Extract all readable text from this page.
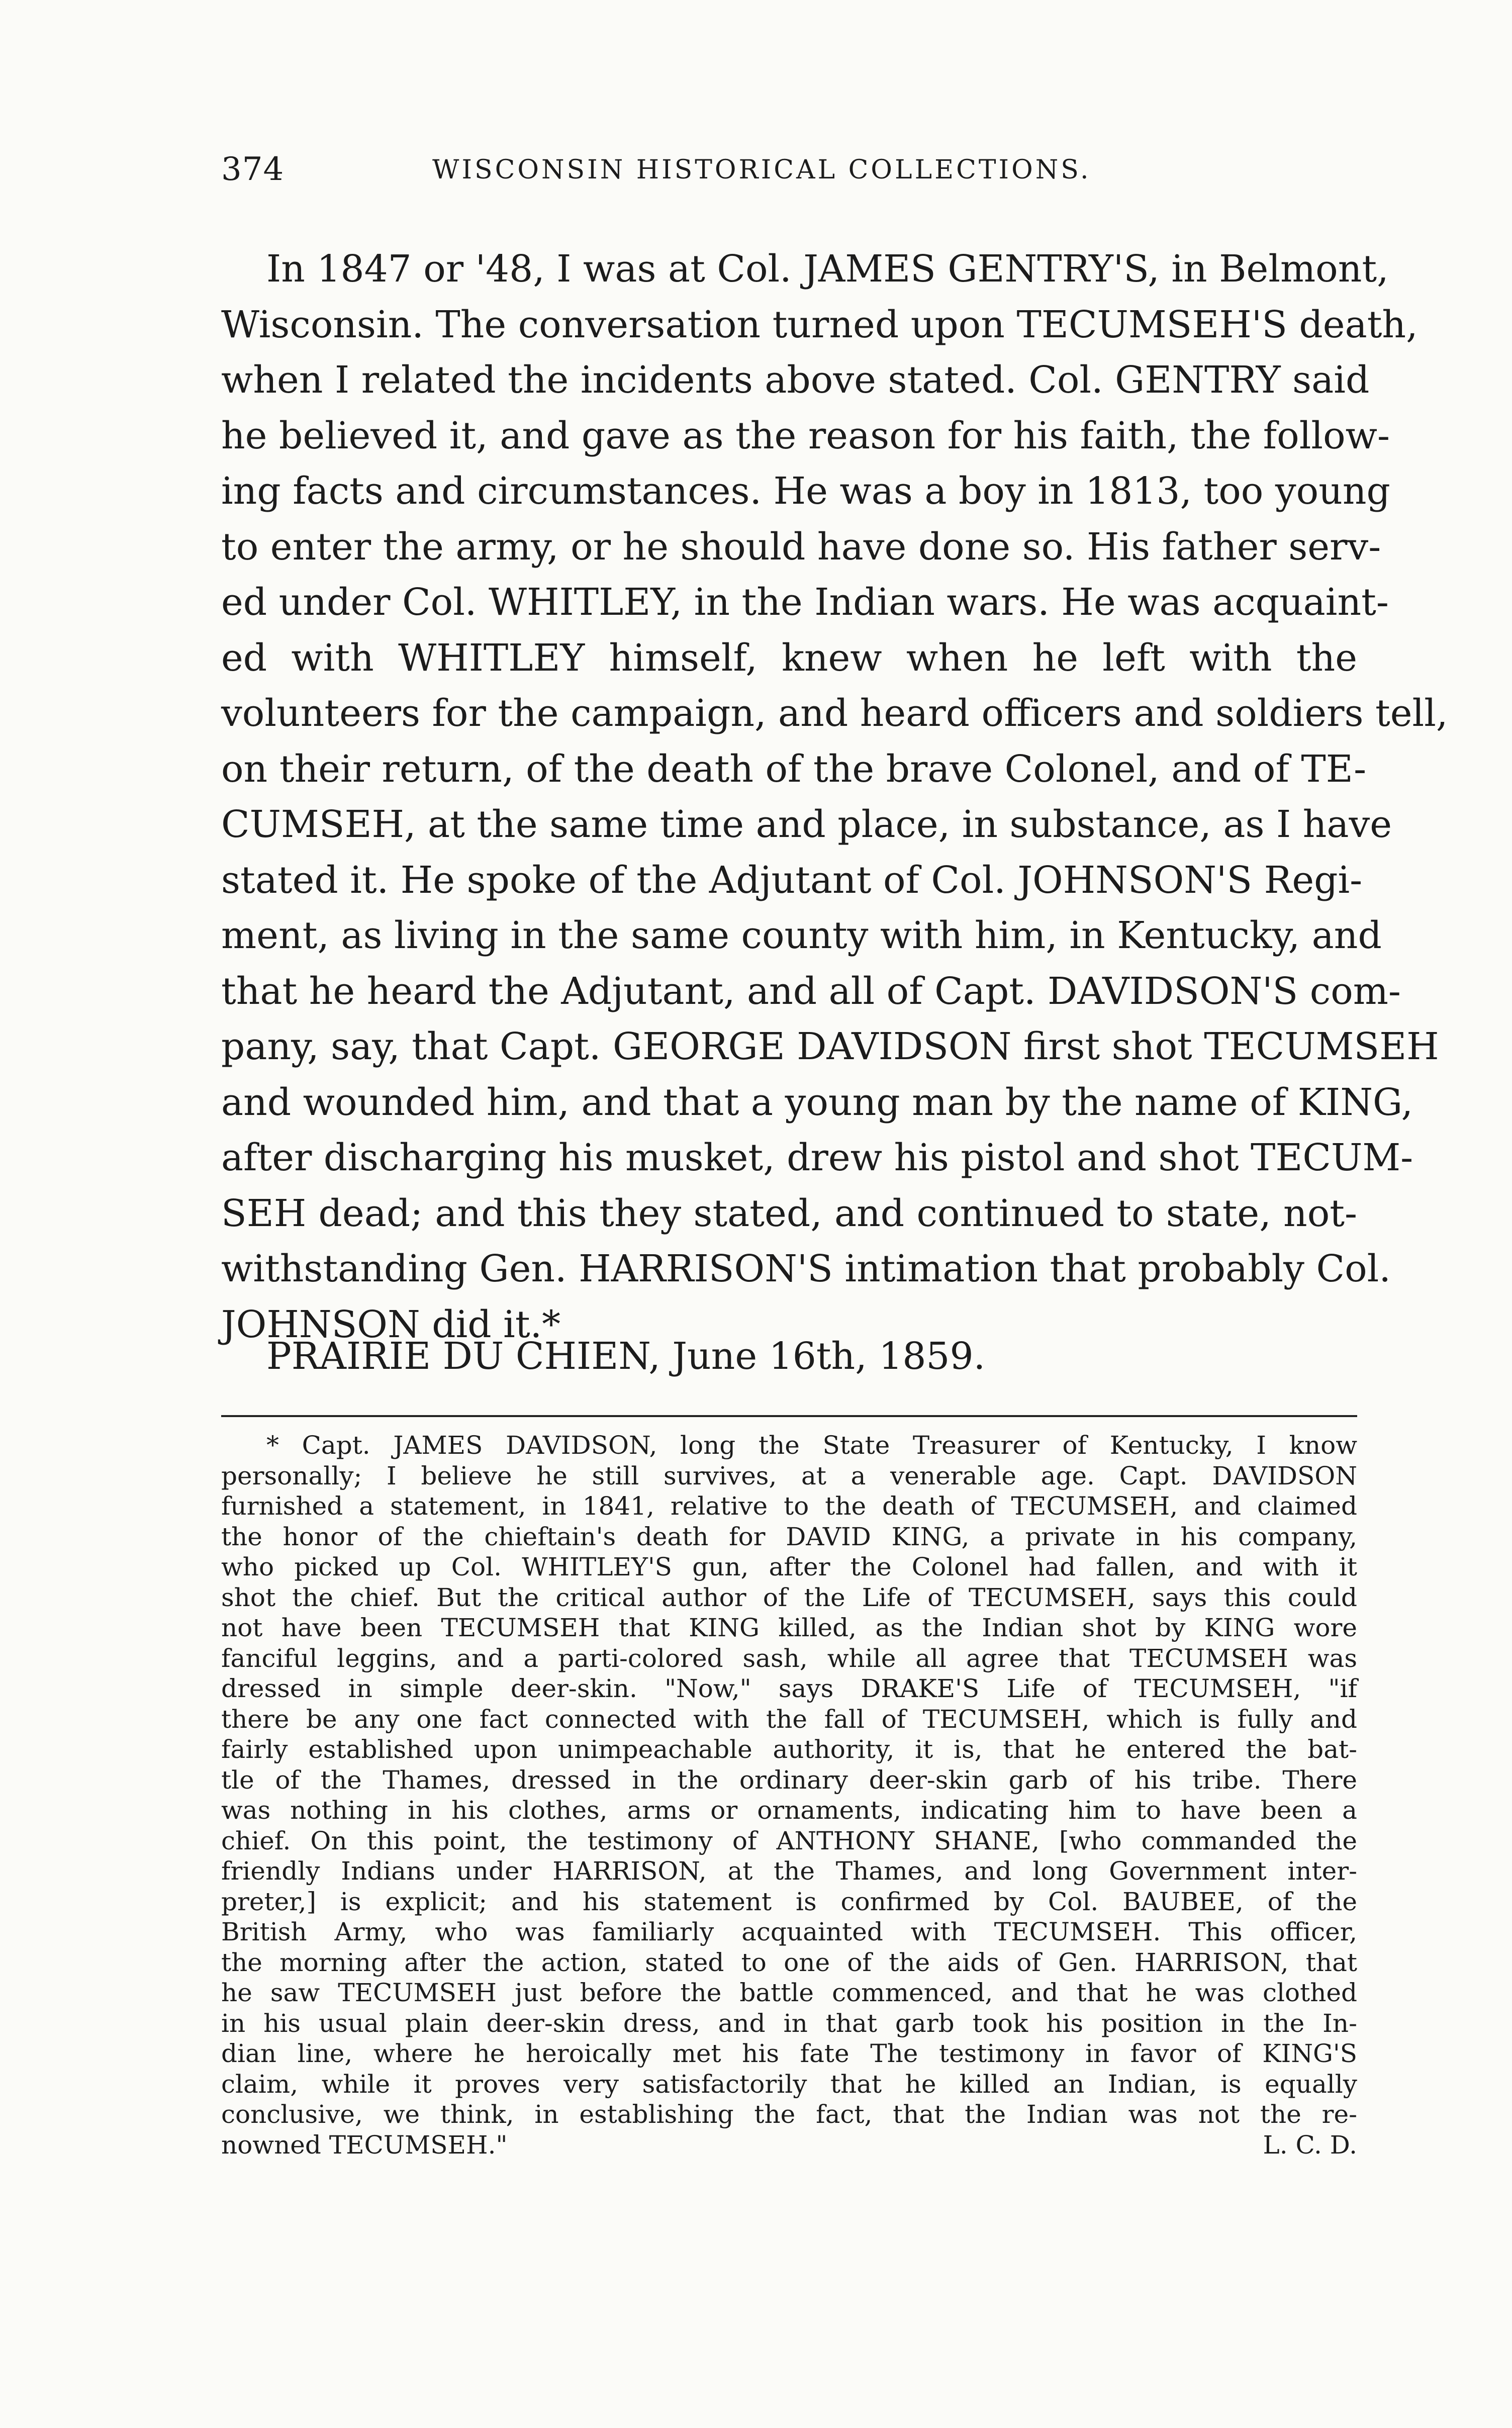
374	WISCONSIN HISTORICAL COLLECTIONS.
In 1847 or '48, I was at Col. JAMES GENTRY'S, in Belmont,
Wisconsin. The conversation turned upon TECUMSEH'S death,
when I related the incidents above stated. Col. GENTRY said
he believed it, and gave as the reason for his faith, the follow-
ing facts and circumstances. He was a boy in 1813, too young
to enter the army, or he should have done so. His father serv-
ed under Col. WHITLEY, in the Indian wars. He was acquaint-
ed with WHITLEY himself, knew when he left with the
volunteers for the campaign, and heard officers and soldiers tell,
on their return, of the death of the brave Colonel, and of TE-
CUMSEH, at the same time and place, in substance, as I have
stated it. He spoke of the Adjutant of Col. JOHNSON'S Regi-
ment, as living in the same county with him, in Kentucky, and
that he heard the Adjutant, and all of Capt. DAVIDSON'S com-
pany, say, that Capt. GEORGE DAVIDSON first shot TECUMSEH
and wounded him, and that a young man by the name of KING,
after discharging his musket, drew his pistol and shot TECUM-
SEH dead; and this they stated, and continued to state, not-
withstanding Gen. HARRISON'S intimation that probably Col.
JOHNSON did it.*
PRAIRIE DU CHIEN, June 16th, 1859.
* Capt. JAMES DAVIDSON, long the State Treasurer of Kentucky, I know
personally; I believe he still survives, at a venerable age. Capt. DAVIDSON
furnished a statement, in 1841, relative to the death of TECUMSEH, and claimed
the honor of the chieftain's death for DAVID KING, a private in his company,
who picked up Col. WHITLEY'S gun, after the Colonel had fallen, and with it
shot the chief. But the critical author of the Life of TECUMSEH, says this could
not have been TECUMSEH that KING killed, as the Indian shot by KING wore
fanciful leggins, and a parti-colored sash, while all agree that TECUMSEH was
dressed in simple deer-skin. "Now," says DRAKE'S Life of TECUMSEH, "if
there be any one fact connected with the fall of TECUMSEH, which is fully and
fairly established upon unimpeachable authority, it is, that he entered the bat-
tle of the Thames, dressed in the ordinary deer-skin garb of his tribe. There
was nothing in his clothes, arms or ornaments, indicating him to have been a
chief. On this point, the testimony of ANTHONY SHANE, [who commanded the
friendly Indians under HARRISON, at the Thames, and long Government inter-
preter,] is explicit; and his statement is confirmed by Col. BAUBEE, of the
British Army, who was familiarly acquainted with TECUMSEH. This officer,
the morning after the action, stated to one of the aids of Gen. HARRISON, that
he saw TECUMSEH just before the battle commenced, and that he was clothed
in his usual plain deer-skin dress, and in that garb took his position in the In-
dian line, where he heroically met his fate The testimony in favor of KING'S
claim, while it proves very satisfactorily that he killed an Indian, is equally
conclusive, we think, in establishing the fact, that the Indian was not the re-
nowned TECUMSEH."	L. C. D.
